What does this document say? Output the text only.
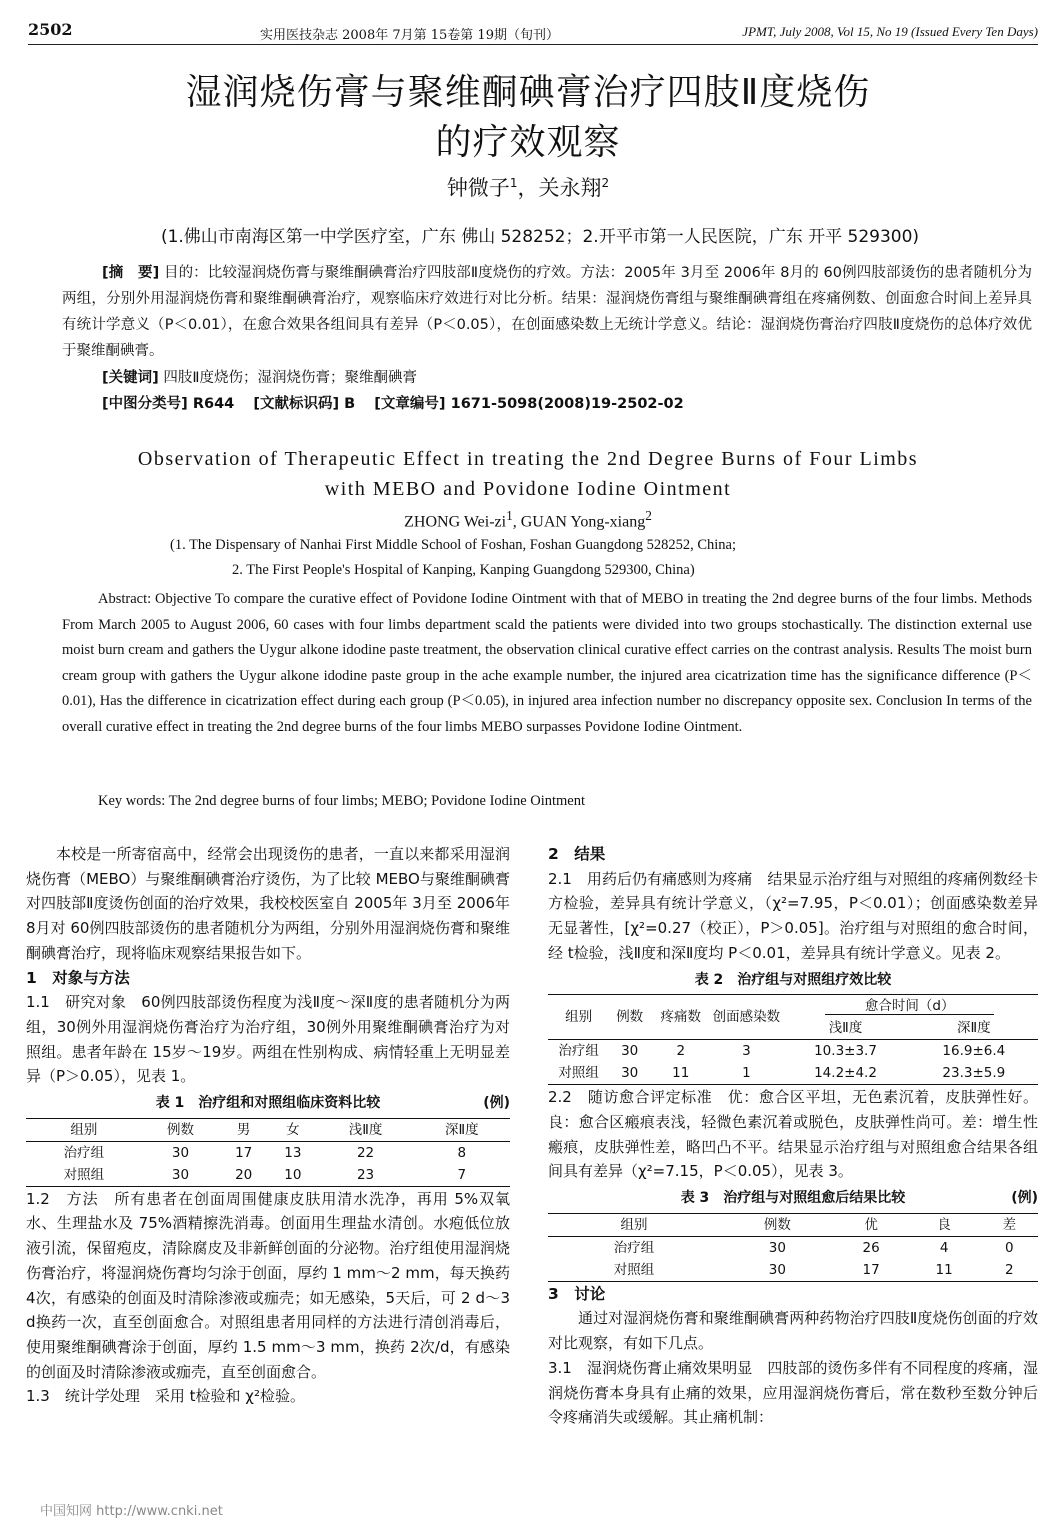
2502	实用医技杂志 2008年 7月第 15卷第 19期（旬刊）	JPMT, July 2008, Vol 15, No 19 (Issued Every Ten Days)
湿润烧伤膏与聚维酮碘膏治疗四肢Ⅱ度烧伤
的疗效观察
钟微子$^1$，关永翔$^2$
(1.佛山市南海区第一中学医疗室，广东 佛山 528252；2.开平市第一人民医院，广东 开平 529300)
[摘　要] 目的：比较湿润烧伤膏与聚维酮碘膏治疗四肢部Ⅱ度烧伤的疗效。方法：2005年 3月至 2006年 8月的 60例四肢部烫伤的患者随机分为两组，分别外用湿润烧伤膏和聚维酮碘膏治疗，观察临床疗效进行对比分析。结果：湿润烧伤膏组与聚维酮碘膏组在疼痛例数、创面愈合时间上差异具有统计学意义（P＜0.01），在愈合效果各组间具有差异（P＜0.05），在创面感染数上无统计学意义。结论：湿润烧伤膏治疗四肢Ⅱ度烧伤的总体疗效优于聚维酮碘膏。
[关键词] 四肢Ⅱ度烧伤；湿润烧伤膏；聚维酮碘膏
[中图分类号] R644 [文献标识码] B [文章编号] 1671-5098(2008)19-2502-02
Observation of Therapeutic Effect in treating the 2nd Degree Burns of Four Limbs
with MEBO and Povidone Iodine Ointment
ZHONG Wei-$zi^1$, GUAN Yong-xiang$^2$
(1. The Dispensary of Nanhai First Middle School of Foshan, Foshan Guangdong 528252, China;
2. The First People's Hospital of Kanping, Kanping Guangdong 529300, China)

Abstract: Objective To compare the curative effect of Povidone Iodine Ointment with that of MEBO in treating the 2nd degree burns of the four limbs. Methods From March 2005 to August 2006, 60 cases with four limbs department scald the patients were divided into two groups stochastically. The distinction external use moist burn cream and gathers the Uygur alkone idodine paste treatment, the observation clinical curative effect carries on the contrast analysis. Results The moist burn cream group with gathers the Uygur alkone idodine paste group in the ache example number, the injured area cicatrization time has the significance difference (P＜0.01), Has the difference in cicatrization effect during each group (P＜0.05), in injured area infection number no discrepancy opposite sex. Conclusion In terms of the overall curative effect in treating the 2nd degree burns of the four limbs MEBO surpasses Povidone Iodine Ointment.

Key words: The 2nd degree burns of four limbs; MEBO; Povidone Iodine Ointment

本校是一所寄宿高中，经常会出现烫伤的患者，一直以来都采用湿润烧伤膏（MEBO）与聚维酮碘膏治疗烫伤，为了比较 MEBO与聚维酮碘膏对四肢部Ⅱ度烫伤创面的治疗效果，我校校医室自 2005年 3月至 2006年 8月对 60例四肢部烫伤的患者随机分为两组，分别外用湿润烧伤膏和聚维酮碘膏治疗，现将临床观察结果报告如下。

1　对象与方法

1.1　研究对象　60例四肢部烫伤程度为浅Ⅱ度～深Ⅱ度的患者随机分为两组，30例外用湿润烧伤膏治疗为治疗组，30例外用聚维酮碘膏治疗为对照组。患者年龄在 15岁～19岁。两组在性别构成、病情轻重上无明显差异（P＞0.05），见表 1。

表 1　治疗组和对照组临床资料比较	(例)
组别	例数	男	女	浅Ⅱ度	深Ⅱ度
治疗组	30	17	13	22	8
对照组	30	20	10	23	7

1.2　方法　所有患者在创面周围健康皮肤用清水洗净，再用 5%双氧水、生理盐水及 75%酒精擦洗消毒。创面用生理盐水清创。水疱低位放液引流，保留疱皮，清除腐皮及非新鲜创面的分泌物。治疗组使用湿润烧伤膏治疗，将湿润烧伤膏均匀涂于创面，厚约 1 mm～2 mm，每天换药 4次，有感染的创面及时清除渗液或痂壳；如无感染，5天后，可 2 d～3 d换药一次，直至创面愈合。对照组患者用同样的方法进行清创消毒后，使用聚维酮碘膏涂于创面，厚约 1.5 mm～3 mm，换药 2次/d，有感染的创面及时清除渗液或痂壳，直至创面愈合。

1.3　统计学处理　采用 t检验和 χ²检验。

2　结果

2.1　用药后仍有痛感则为疼痛　结果显示治疗组与对照组的疼痛例数经卡方检验，差异具有统计学意义，（χ²=7.95，P＜0.01）；创面感染数差异无显著性，[χ²=0.27（校正），P＞0.05]。治疗组与对照组的愈合时间，经 t检验，浅Ⅱ度和深Ⅱ度均 P＜0.01，差异具有统计学意义。见表 2。

表 2　治疗组与对照组疗效比较
组别	例数	疼痛数	创面感染数	愈合时间（d）	
				浅Ⅱ度	深Ⅱ度
治疗组	30	2	3	10.3±3.7	16.9±6.4
对照组	30	11	1	14.2±4.2	23.3±5.9

2.2　随访愈合评定标准　优：愈合区平坦，无色素沉着，皮肤弹性好。良：愈合区瘢痕表浅，轻微色素沉着或脱色，皮肤弹性尚可。差：增生性瘢痕，皮肤弹性差，略凹凸不平。结果显示治疗组与对照组愈合结果各组间具有差异（χ²=7.15，P＜0.05），见表 3。

表 3　治疗组与对照组愈后结果比较	(例)
组别	例数	优	良	差
治疗组	30	26	4	0
对照组	30	17	11	2

3　讨论

通过对湿润烧伤膏和聚维酮碘膏两种药物治疗四肢Ⅱ度烧伤创面的疗效对比观察，有如下几点。

3.1　湿润烧伤膏止痛效果明显　四肢部的烫伤多伴有不同程度的疼痛，湿润烧伤膏本身具有止痛的效果，应用湿润烧伤膏后，常在数秒至数分钟后令疼痛消失或缓解。其止痛机制：

中国知网 http://www.cnki.net
